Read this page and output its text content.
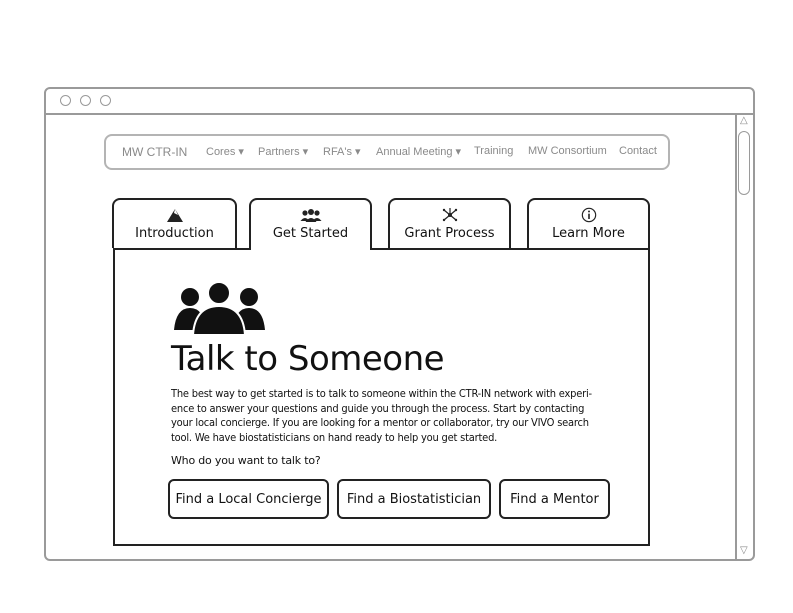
△
▽
MW CTR-IN Cores ▾ Partners ▾ RFA's ▾ Annual Meeting ▾ Training MW Consortium Contact
Introduction	Get Started	Grant Process	Learn More
Talk to Someone
The best way to get started is to talk to someone within the CTR-IN network with experi-
ence to answer your questions and guide you through the process. Start by contacting
your local concierge. If you are looking for a mentor or collaborator, try our VIVO search
tool. We have biostatisticians on hand ready to help you get started.

Who do you want to talk to?

Find a Local Concierge	Find a Biostatistician	Find a Mentor
